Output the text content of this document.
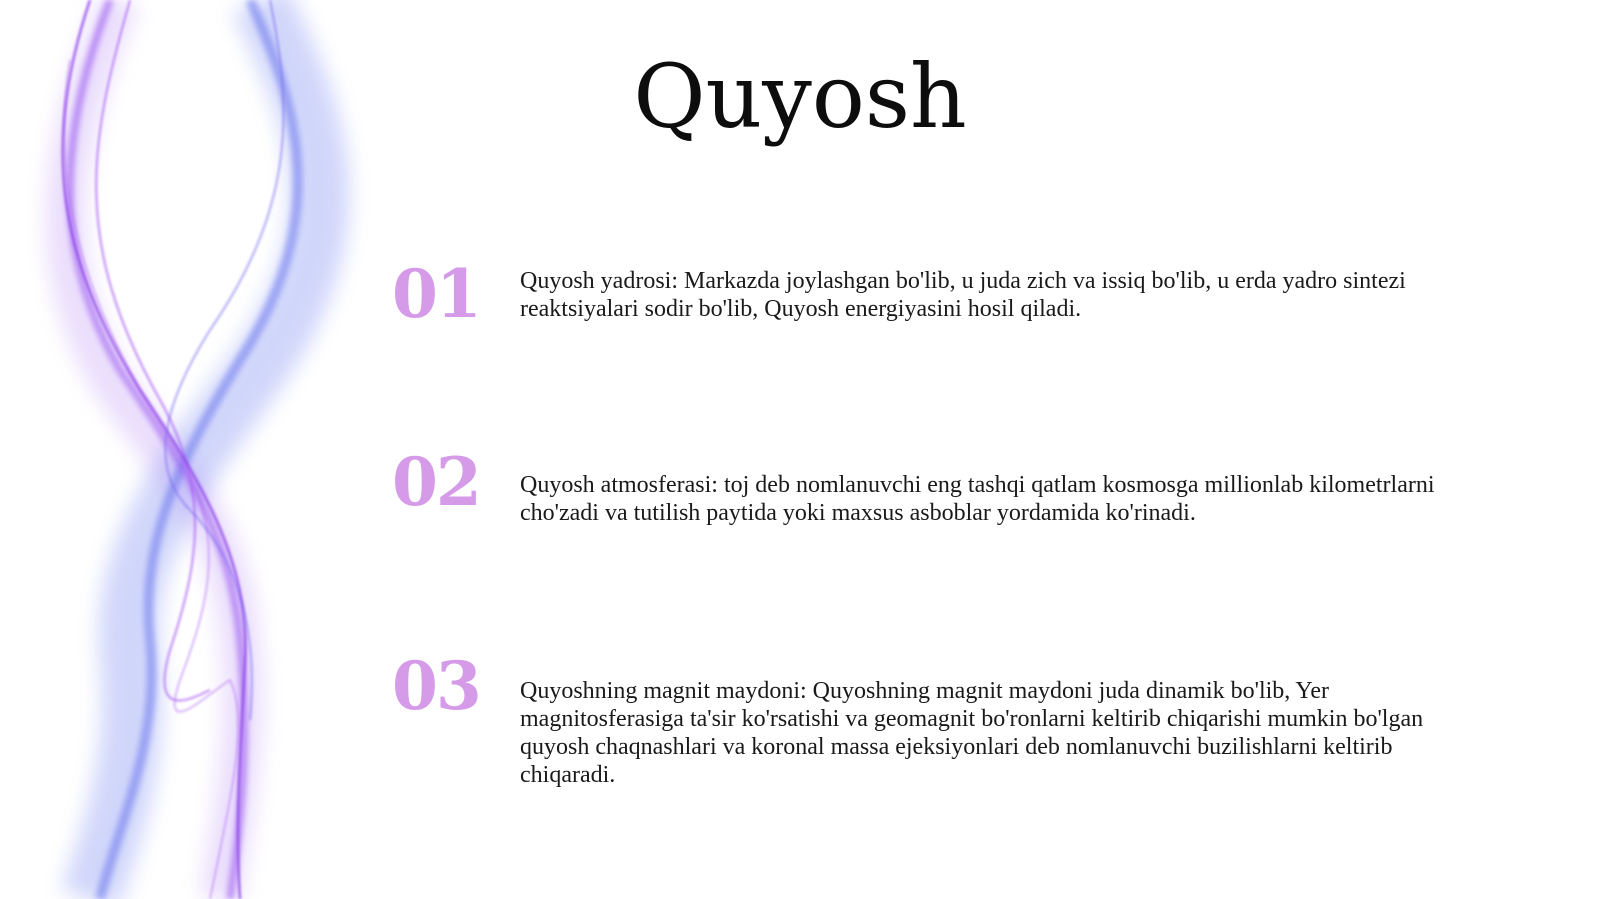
Quyosh
01 Quyosh yadrosi: Markazda joylashgan bo'lib, u juda zich va issiq bo'lib, u erda yadro sintezi reaktsiyalari sodir bo'lib, Quyosh energiyasini hosil qiladi.
02 Quyosh atmosferasi: toj deb nomlanuvchi eng tashqi qatlam kosmosga millionlab kilometrlarni cho'zadi va tutilish paytida yoki maxsus asboblar yordamida ko'rinadi.
03 Quyoshning magnit maydoni: Quyoshning magnit maydoni juda dinamik bo'lib, Yer magnitosferasiga ta'sir ko'rsatishi va geomagnit bo'ronlarni keltirib chiqarishi mumkin bo'lgan quyosh chaqnashlari va koronal massa ejeksiyonlari deb nomlanuvchi buzilishlarni keltirib chiqaradi.
